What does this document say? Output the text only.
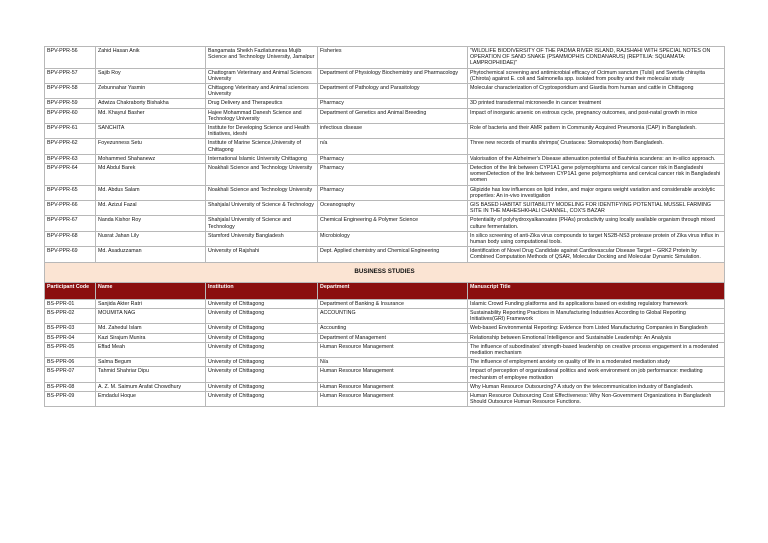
BPV-PPR-56	Zahid Hasan Anik	Bangamata Sheikh Fazilatunnesa Mujib Science and Technology University, Jamalpur	Fisheries	"WILDLIFE BIODIVERSITY OF THE PADMA RIVER ISLAND, RAJSHAHI WITH SPECIAL NOTES ON OPERATION OF SAND SNAKE (PSAMMOPHIS CONDANARUS) (REPTILIA: SQUAMATA: LAMPROPHIIDAE)"
BPV-PPR-57	Sajib Roy	Chattogram Veterinary and Animal Sciences University	Department of Physiology Biochemistry and Pharmacology	Phytochemical screening and antimicrobial efficacy of Ocimum sanctum (Tulsi) and Swertia chirayita (Chirota) against E. coli and Salmonella spp. isolated from poultry and their molecular study
BPV-PPR-58	Zebunnahar Yasmin	Chittagong Veterinary and Animal sciences University	Department of Pathology and Parasitology	Molecular characterization of Cryptosporidium and Giardia from human and cattle in Chittagong
BPV-PPR-59	Adwiza Chakraborty Bishakha	Drug Delivery and Therapeutics	Pharmacy	3D printed transdermal microneedle in cancer treatment
BPV-PPR-60	Md. Khayrul Basher	Hajee Mohammad Danesh Science and Technology University	Department of Genetics and Animal Breeding	Impact of inorganic arsenic on estrous cycle, pregnancy outcomes, and post-natal growth in mice
BPV-PPR-61	SANCHITA	Institute for Developing Science and Health Initiatives, ideshi	infectious disease	Role of bacteria and their AMR pattern in Community Acquired Pneumonia (CAP) in Bangladesh.
BPV-PPR-62	Foyezunness Setu	Institute of Marine Science,University of Chittagong	n/a	Three new records of mantis shrimps( Crustacea: Stomatopoda) from Bangladesh.
BPV-PPR-63	Mohammed Shahanewz	International Islamic University Chittagong	Pharmacy	Valorisation of the Alzheimer's Disease attenuation potential of Bauhinia scandens: an in-silico approach.
BPV-PPR-64	Md Abdul Barek	Noakhali Science and Technology University	Pharmacy	Detection of the link between CYP1A1 gene polymorphisms and cervical cancer risk in Bangladeshi womenDetection of the link between CYP1A1 gene polymorphisms and cervical cancer risk in Bangladeshi women
BPV-PPR-65	Md. Abdus Salam	Noakhali Science and Technology University	Pharmacy	Glipizide has low influences on lipid index, and major organs weight variation and considerable anxiolytic properties: An in-vivo investigation
BPV-PPR-66	Md. Azizul Fazal	Shahjalal University of Science & Technology	Oceanography	GIS BASED HABITAT SUITABILITY MODELING FOR IDENTIFYING POTENTIAL MUSSEL FARMING SITE IN THE MAHESHKHALI CHANNEL, COX'S BAZAR
BPV-PPR-67	Nanda Kishor Roy	Shahjalal University of Science and Technology	Chemical Engineering & Polymer Science	Potentiality of polyhydroxyalkanoates (PHAs) productivity using locally available organism through mixed culture fermentation.
BPV-PPR-68	Nusrat Jahan Lily	Stamford University Bangladesh	Microbiology	In silico screening of anti-Zika virus compounds to target NS2B-NS3 protease protein of Zika virus influx in human body using computational tools.
BPV-PPR-69	Md. Asaduzzaman	University of Rajshahi	Dept. Applied chemistry and Chemical Engineering	Identification of Novel Drug Candidate against Cardiovascular Disease Target – GRK2 Protein by Combined Computation Methods of QSAR, Molecular Docking and Molecular Dynamic Simulation.
BUSINESS STUDIES				
Participant Code	Name	Institution	Department	Manuscript Title
BS-PPR-01	Sanjida Akter Ratri	University of Chittagong	Department of Banking & Insurance	Islamic Crowd Funding platforms and its applications based on existing regulatory framework
BS-PPR-02	MOUMITA NAG	University of Chittagong	ACCOUNTING	Sustainability Reporting Practices in Manufacturing Industries According to Global Reporting Initiatives(GRI) Framework
BS-PPR-03	Md. Zahedul Islam	University of Chittagong	Accounting	Web-based Environmental Reporting: Evidence from Listed Manufacturing Companies in Bangladesh
BS-PPR-04	Kazi Sirajum Munira	University of Chittagong	Department of Management	Relationship between Emotional Intelligence and Sustainable Leadership: An Analysis
BS-PPR-05	Effad Meah	University of Chittagong	Human Resource Management	The influence of subordinates' strength-based leadership on creative process engagement in a moderated mediation mechanism
BS-PPR-06	Salma Begum	University of Chittagong	N/a	The influence of employment anxiety on quality of life in a moderated mediation study
BS-PPR-07	Tahmid Shahriar Dipu	University of Chittagong	Human Resource Management	Impact of perception of organizational politics and work environment on job performance: mediating mechanism of employee motivation
BS-PPR-08	A. Z. M. Saimum Arafat Chowdhury	University of Chittagong	Human Resource Management	Why Human Resource Outsourcing? A study on the telecommunication industry of Bangladesh.
BS-PPR-09	Emdadul Hoque	University of Chittagong	Human Resource Management	Human Resource Outsourcing Cost Effectiveness: Why Non-Government Organizations in Bangladesh Should Outsource Human Resource Functions.
